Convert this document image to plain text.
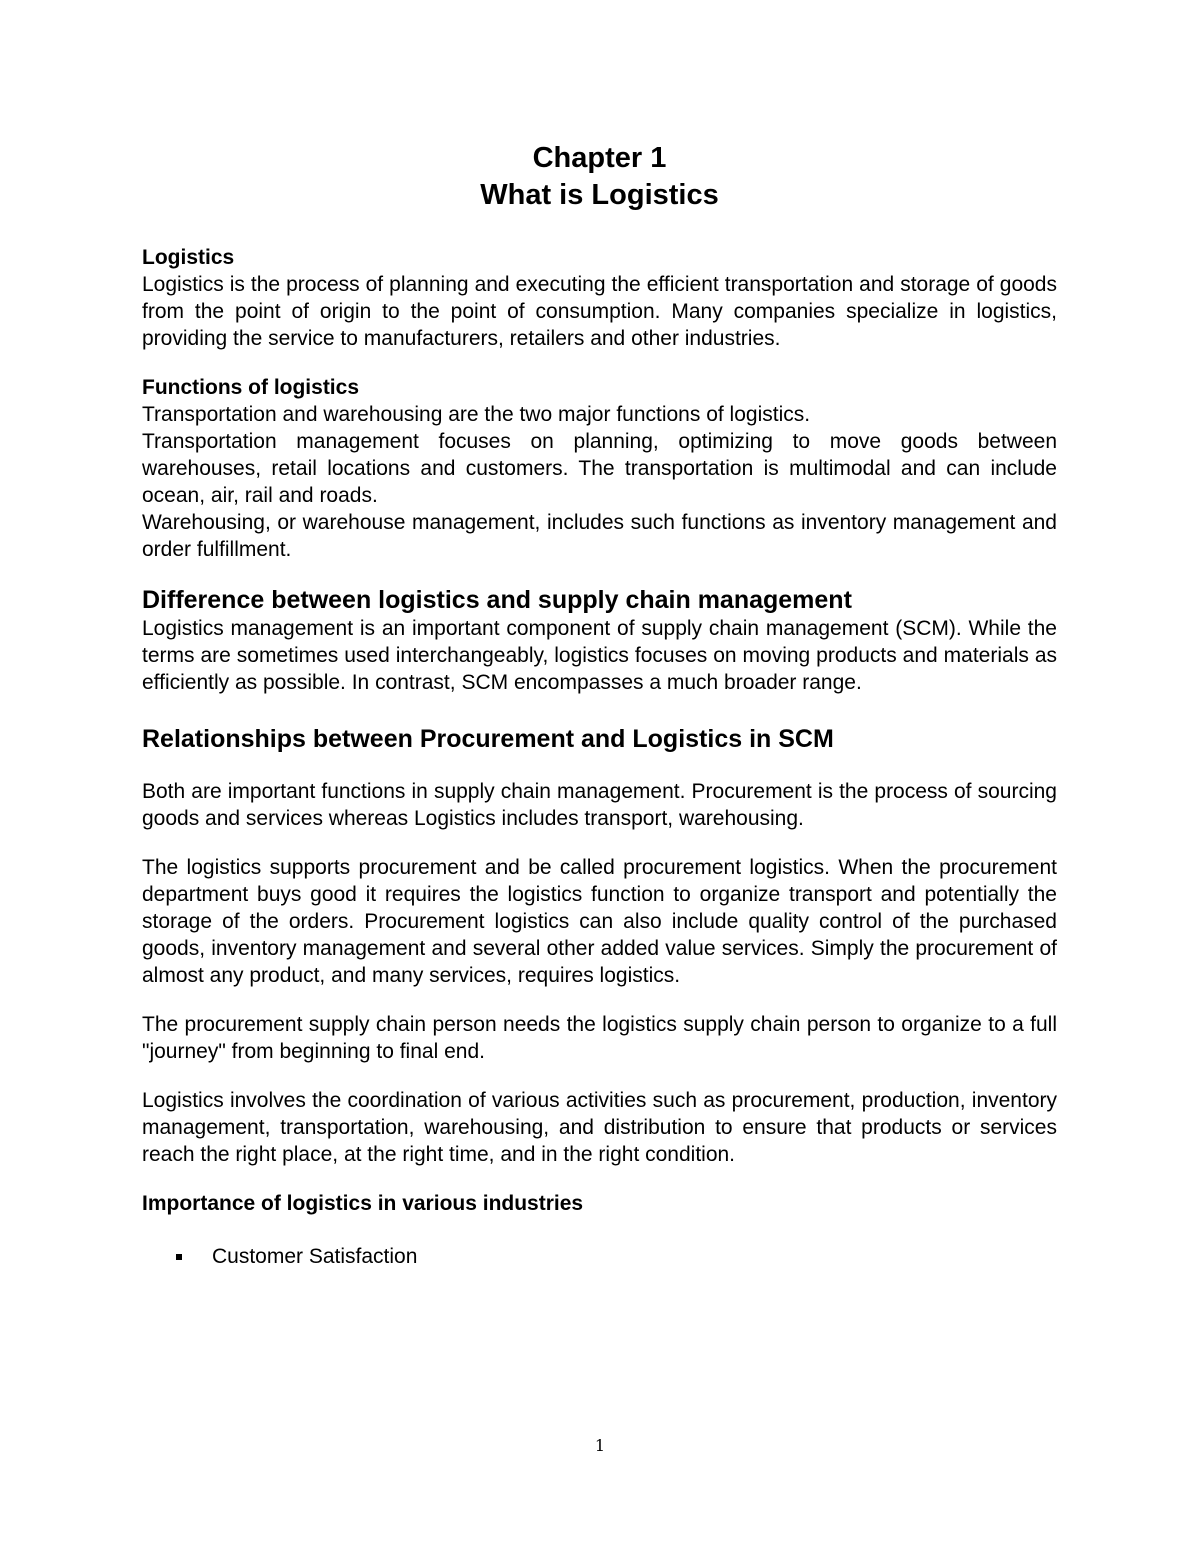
Chapter 1
What is Logistics
Logistics

Logistics is the process of planning and executing the efficient transportation and storage of goods from the point of origin to the point of consumption. Many companies specialize in logistics, providing the service to manufacturers, retailers and other industries.

Functions of logistics

Transportation and warehousing are the two major functions of logistics.

Transportation management focuses on planning, optimizing to move goods between warehouses, retail locations and customers. The transportation is multimodal and can include ocean, air, rail and roads.

Warehousing, or warehouse management, includes such functions as inventory management and order fulfillment.

Difference between logistics and supply chain management

Logistics management is an important component of supply chain management (SCM). While the terms are sometimes used interchangeably, logistics focuses on moving products and materials as efficiently as possible. In contrast, SCM encompasses a much broader range.

Relationships between Procurement and Logistics in SCM

Both are important functions in supply chain management. Procurement is the process of sourcing goods and services whereas Logistics includes transport, warehousing.

The logistics supports procurement and be called procurement logistics. When the procurement department buys good it requires the logistics function to organize transport and potentially the storage of the orders. Procurement logistics can also include quality control of the purchased goods, inventory management and several other added value services. Simply the procurement of almost any product, and many services, requires logistics.

The procurement supply chain person needs the logistics supply chain person to organize to a full "journey" from beginning to final end.

Logistics involves the coordination of various activities such as procurement, production, inventory management, transportation, warehousing, and distribution to ensure that products or services reach the right place, at the right time, and in the right condition.

Importance of logistics in various industries
Customer Satisfaction
1
